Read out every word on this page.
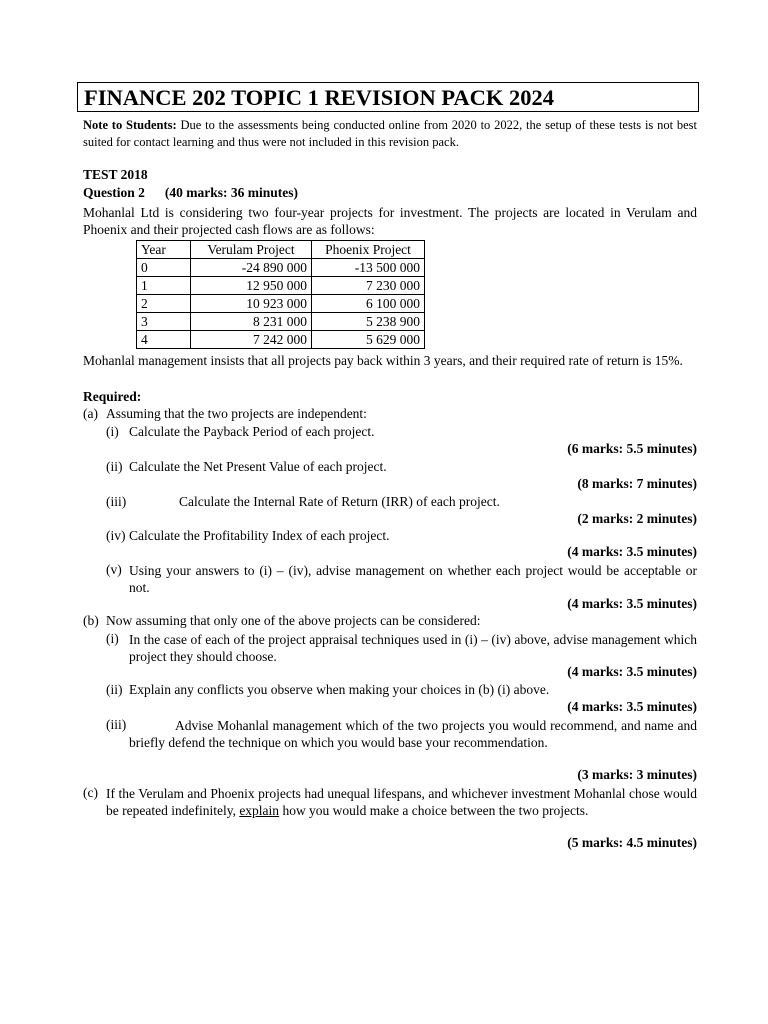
FINANCE 202 TOPIC 1 REVISION PACK 2024
Note to Students: Due to the assessments being conducted online from 2020 to 2022, the setup of these tests is not best suited for contact learning and thus were not included in this revision pack.
TEST 2018
Question 2 (40 marks: 36 minutes)
Mohanlal Ltd is considering two four-year projects for investment. The projects are located in Verulam and Phoenix and their projected cash flows are as follows:
Year	Verulam Project	Phoenix Project
0	-24 890 000	-13 500 000
1	12 950 000	7 230 000
2	10 923 000	6 100 000
3	8 231 000	5 238 900
4	7 242 000	5 629 000
Mohanlal management insists that all projects pay back within 3 years, and their required rate of return is 15%.
Required:
(a) Assuming that the two projects are independent:
(i) Calculate the Payback Period of each project.
(6 marks: 5.5 minutes)
(ii) Calculate the Net Present Value of each project.
(8 marks: 7 minutes)
(iii)	Calculate the Internal Rate of Return (IRR) of each project.
(2 marks: 2 minutes)
(iv) Calculate the Profitability Index of each project.
(4 marks: 3.5 minutes)
(v) Using your answers to (i) – (iv), advise management on whether each project would be acceptable or not.
(4 marks: 3.5 minutes)
(b) Now assuming that only one of the above projects can be considered:
(i) In the case of each of the project appraisal techniques used in (i) – (iv) above, advise management which project they should choose.
(4 marks: 3.5 minutes)
(ii) Explain any conflicts you observe when making your choices in (b) (i) above.
(4 marks: 3.5 minutes)
(iii)	Advise Mohanlal management which of the two projects you would recommend, and name and briefly defend the technique on which you would base your recommendation.
(3 marks: 3 minutes)
(c) If the Verulam and Phoenix projects had unequal lifespans, and whichever investment Mohanlal chose would be repeated indefinitely, explain how you would make a choice between the two projects.
(5 marks: 4.5 minutes)
